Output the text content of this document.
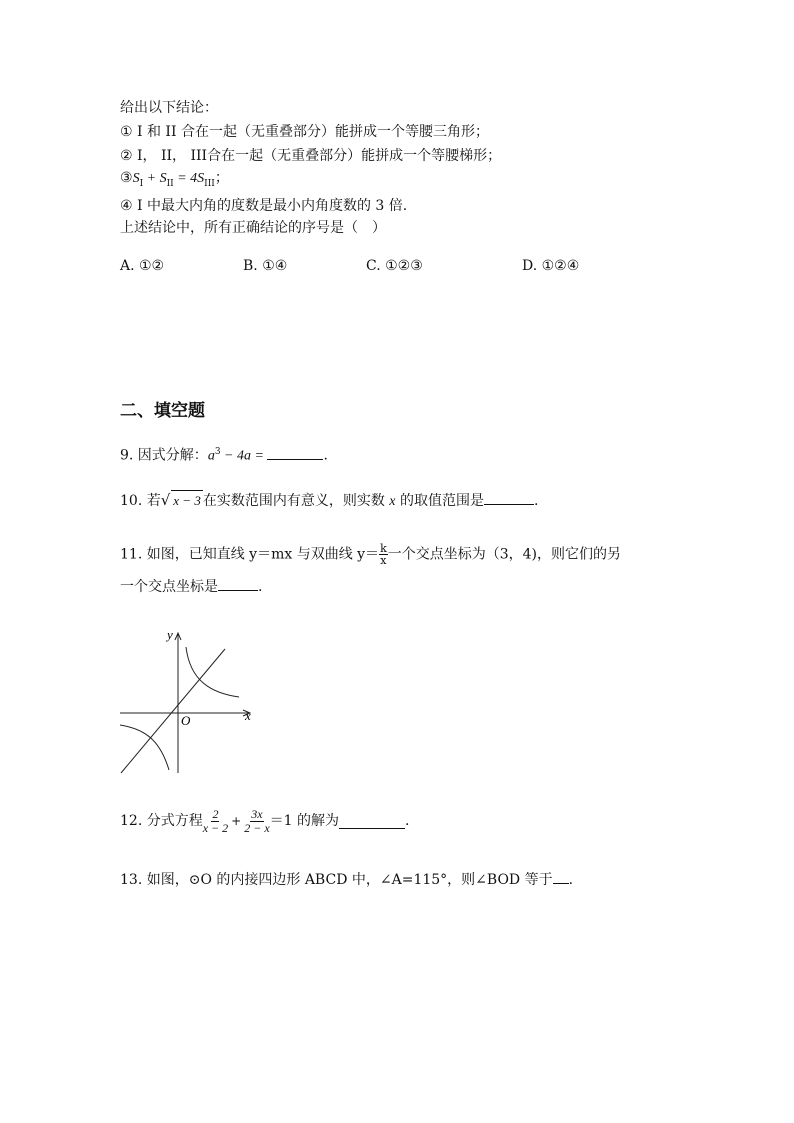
给出以下结论：
① I 和 II 合在一起（无重叠部分）能拼成一个等腰三角形；
② I， II， III合在一起（无重叠部分）能拼成一个等腰梯形；
$③S_I + S_{II} = 4S_{III}$；
④ I 中最大内角的度数是最小内角度数的 3 倍.
上述结论中，所有正确结论的序号是（　）
A. ①②	B. ①④	C. ①②③	D. ①②④
二、填空题
9. 因式分解：$a^3 - 4a$ =	.
10. 若√ x − 3 在实数范围内有意义，则实数 x 的取值范围是	.
11. 如图，已知直线 y＝mx 与双曲线 $y= \frac{k}{x}$ 一个交点坐标为（3，4)，则它们的另
一个交点坐标是	.
x
y
O
12. 分式方程 $\frac{2}{x - 2} + \frac{3x}{2 - x} =1$ 的解为	.
13. 如图，⊙O 的内接四边形 ABCD 中，∠A=115°，则∠BOD 等于 .
